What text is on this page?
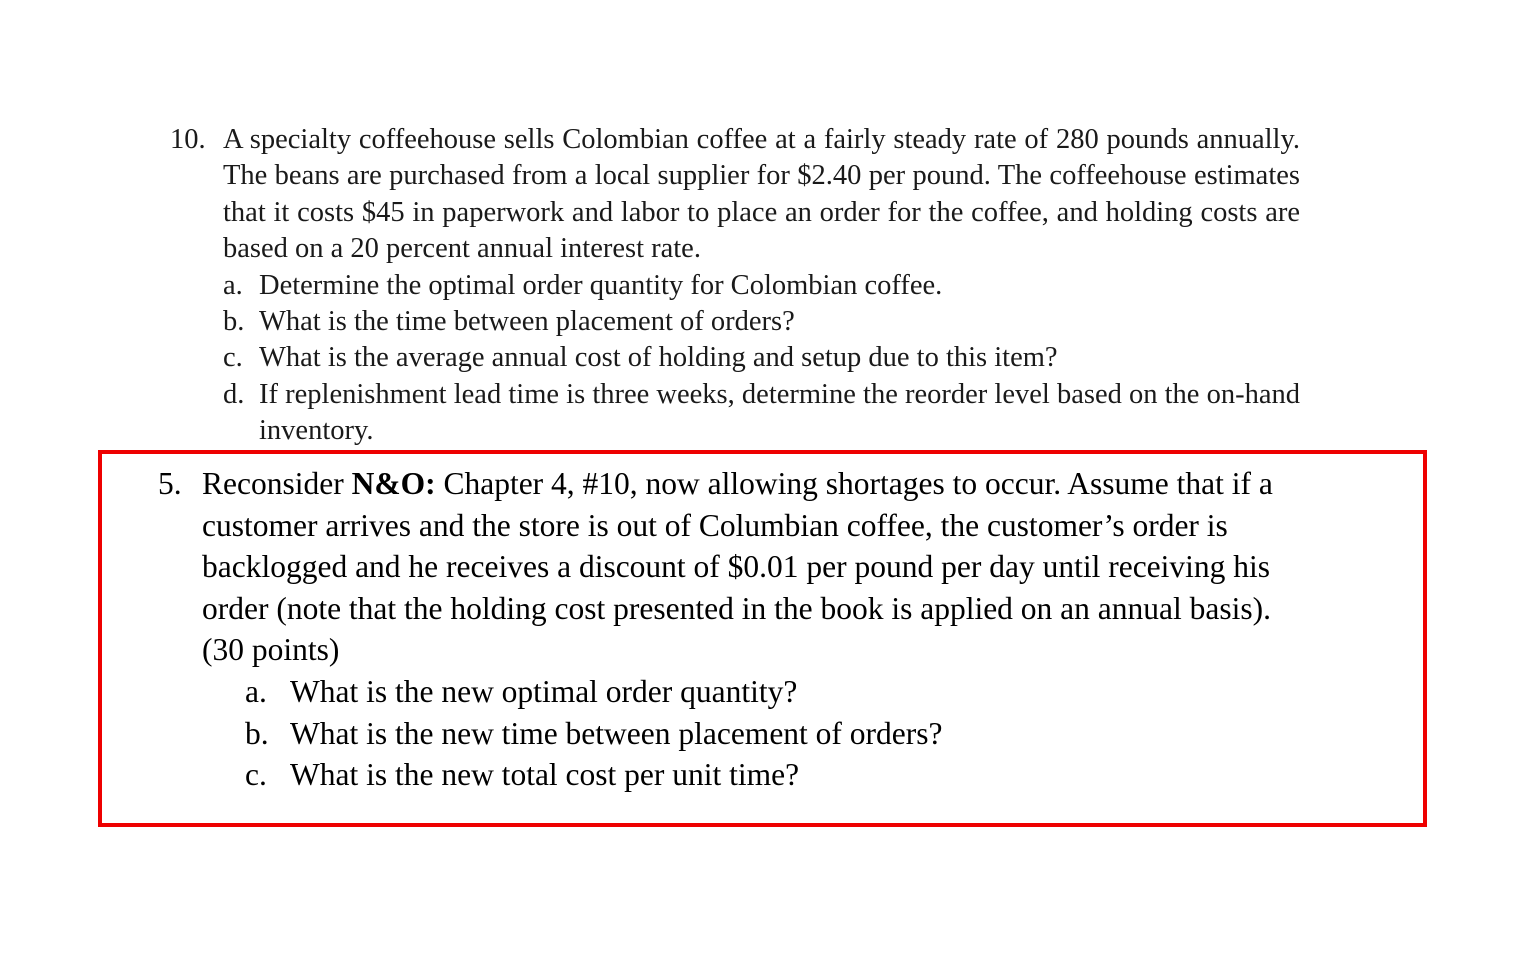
10. A specialty coffeehouse sells Colombian coffee at a fairly steady rate of 280 pounds annually. The beans are purchased from a local supplier for $2.40 per pound. The coffeehouse estimates that it costs $45 in paperwork and labor to place an order for the coffee, and holding costs are based on a 20 percent annual interest rate.
a. Determine the optimal order quantity for Colombian coffee.
b. What is the time between placement of orders?
c. What is the average annual cost of holding and setup due to this item?
d. If replenishment lead time is three weeks, determine the reorder level based on the on-hand inventory.
5. Reconsider N&O: Chapter 4, #10, now allowing shortages to occur. Assume that if a customer arrives and the store is out of Columbian coffee, the customer’s order is backlogged and he receives a discount of $0.01 per pound per day until receiving his order (note that the holding cost presented in the book is applied on an annual basis). (30 points)
a. What is the new optimal order quantity?
b. What is the new time between placement of orders?
c. What is the new total cost per unit time?
